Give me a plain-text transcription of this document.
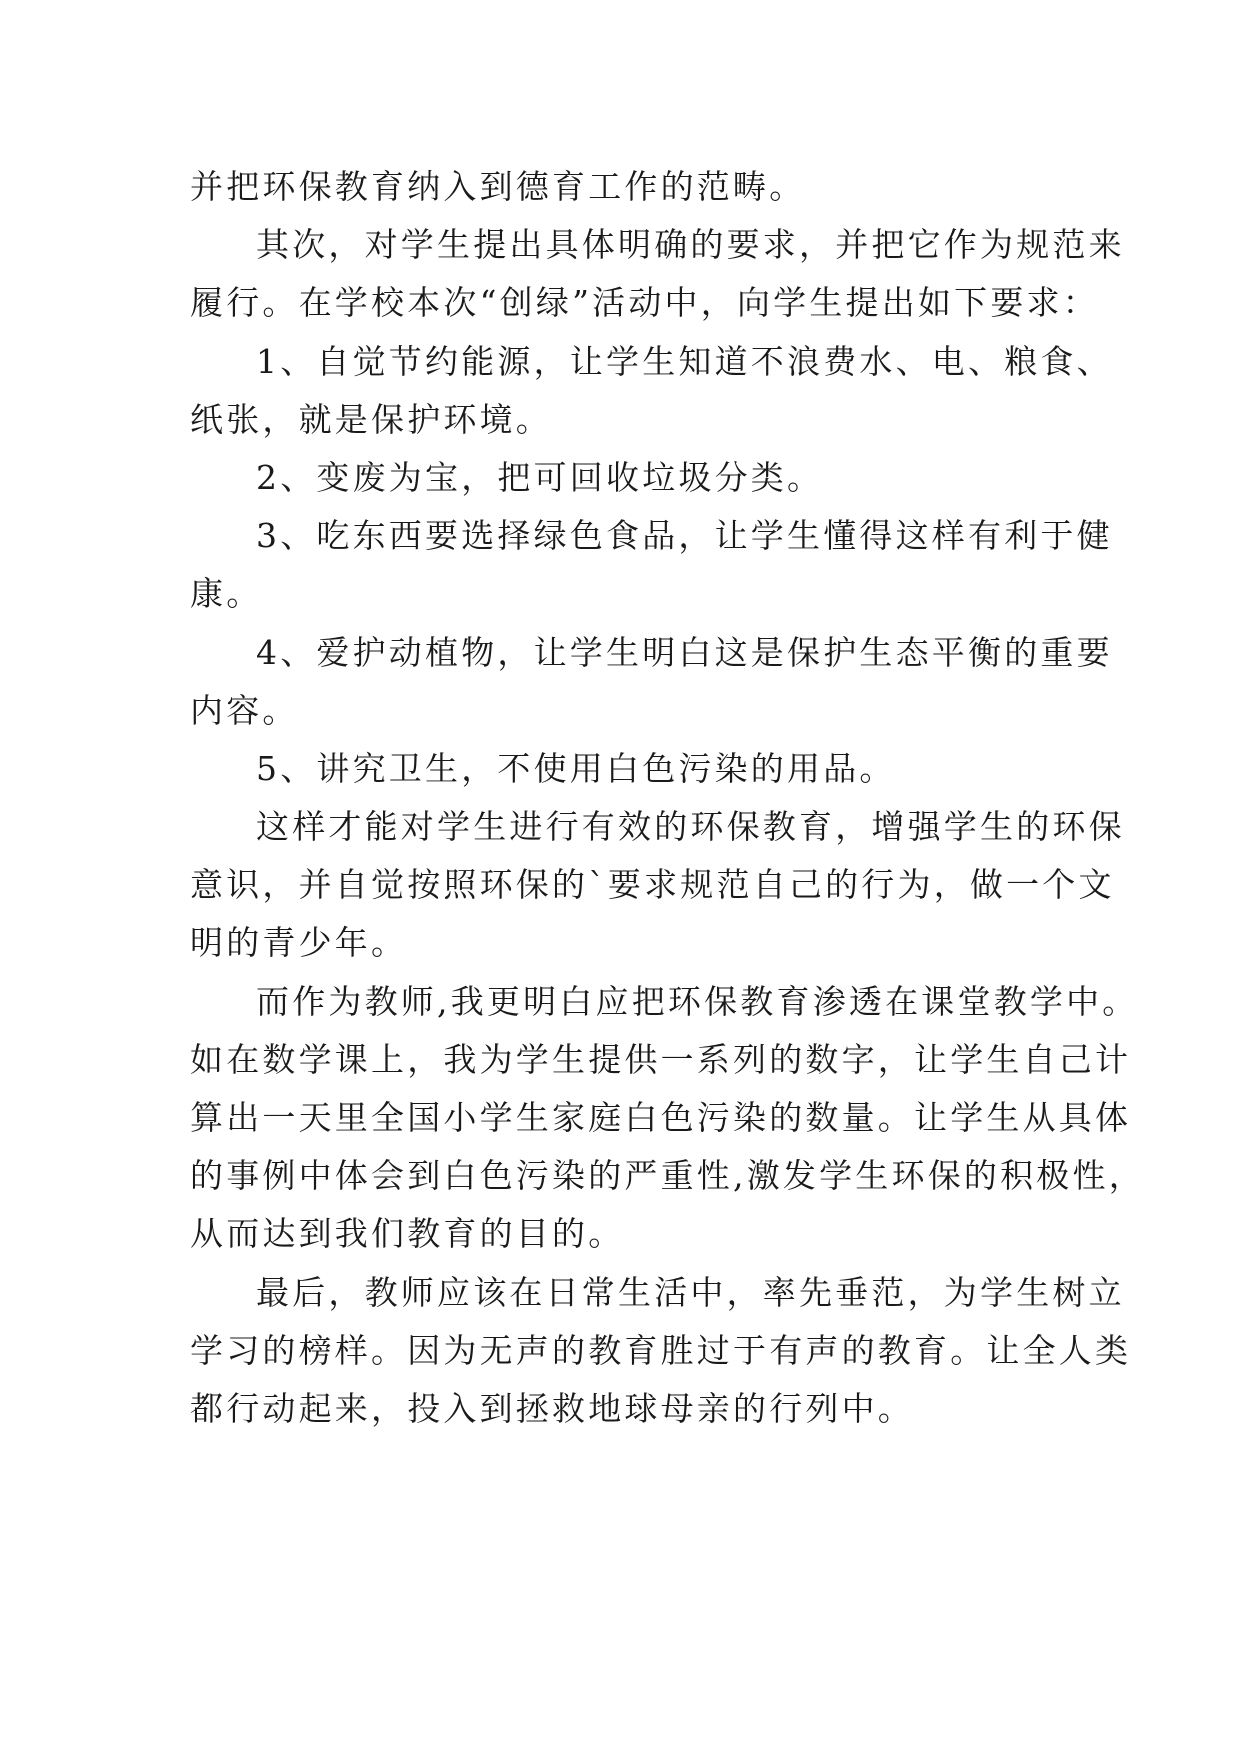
并把环保教育纳入到德育工作的范畴。
其次，对学生提出具体明确的要求，并把它作为规范来
履行。在学校本次“创绿”活动中，向学生提出如下要求：
1、自觉节约能源，让学生知道不浪费水、电、粮食、
纸张，就是保护环境。
2、变废为宝，把可回收垃圾分类。
3、吃东西要选择绿色食品，让学生懂得这样有利于健
康。
4、爱护动植物，让学生明白这是保护生态平衡的重要
内容。
5、讲究卫生，不使用白色污染的用品。
这样才能对学生进行有效的环保教育，增强学生的环保
意识，并自觉按照环保的`要求规范自己的行为，做一个文
明的青少年。
而作为教师,我更明白应把环保教育渗透在课堂教学中。
如在数学课上，我为学生提供一系列的数字，让学生自己计
算出一天里全国小学生家庭白色污染的数量。让学生从具体
的事例中体会到白色污染的严重性,激发学生环保的积极性，
从而达到我们教育的目的。
最后，教师应该在日常生活中，率先垂范，为学生树立
学习的榜样。因为无声的教育胜过于有声的教育。让全人类
都行动起来，投入到拯救地球母亲的行列中。
